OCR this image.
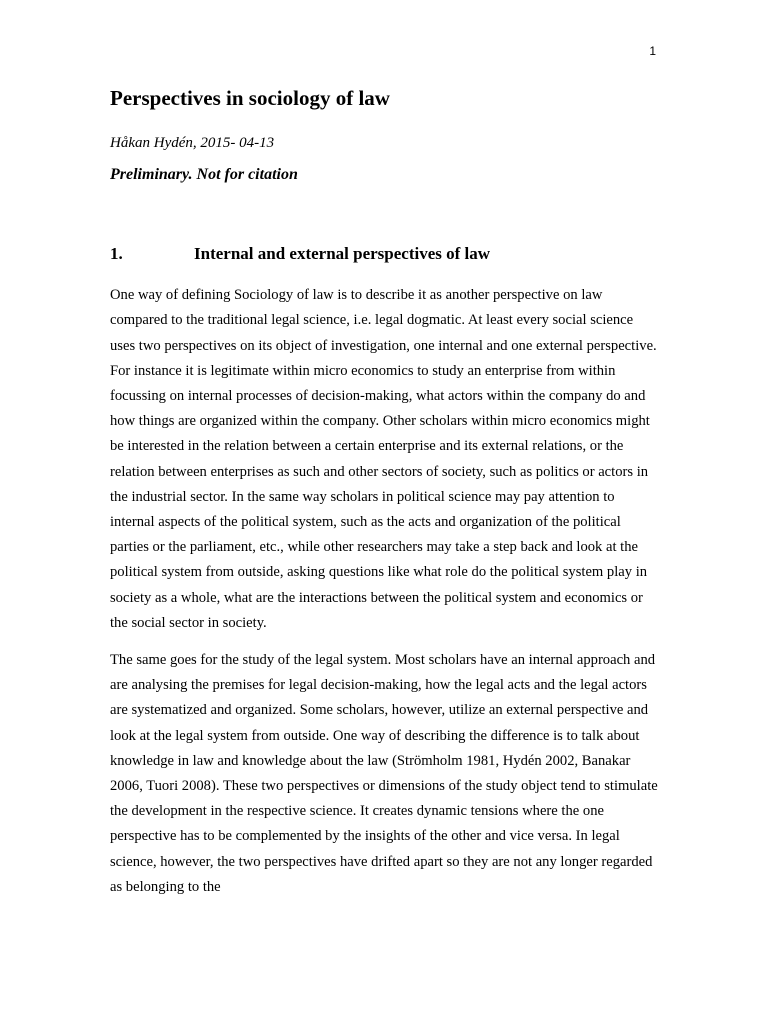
1
Perspectives in sociology of law
Håkan Hydén, 2015- 04-13
Preliminary. Not for citation
1.	Internal and external perspectives of law

One way of defining Sociology of law is to describe it as another perspective on law compared to the traditional legal science, i.e. legal dogmatic. At least every social science uses two perspectives on its object of investigation, one internal and one external perspective. For instance it is legitimate within micro economics to study an enterprise from within focussing on internal processes of decision-making, what actors within the company do and how things are organized within the company. Other scholars within micro economics might be interested in the relation between a certain enterprise and its external relations, or the relation between enterprises as such and other sectors of society, such as politics or actors in the industrial sector. In the same way scholars in political science may pay attention to internal aspects of the political system, such as the acts and organization of the political parties or the parliament, etc., while other researchers may take a step back and look at the political system from outside, asking questions like what role do the political system play in society as a whole, what are the interactions between the political system and economics or the social sector in society.

The same goes for the study of the legal system. Most scholars have an internal approach and are analysing the premises for legal decision-making, how the legal acts and the legal actors are systematized and organized. Some scholars, however, utilize an external perspective and look at the legal system from outside. One way of describing the difference is to talk about knowledge in law and knowledge about the law (Strömholm 1981, Hydén 2002, Banakar 2006, Tuori 2008). These two perspectives or dimensions of the study object tend to stimulate the development in the respective science. It creates dynamic tensions where the one perspective has to be complemented by the insights of the other and vice versa. In legal science, however, the two perspectives have drifted apart so they are not any longer regarded as belonging to the
